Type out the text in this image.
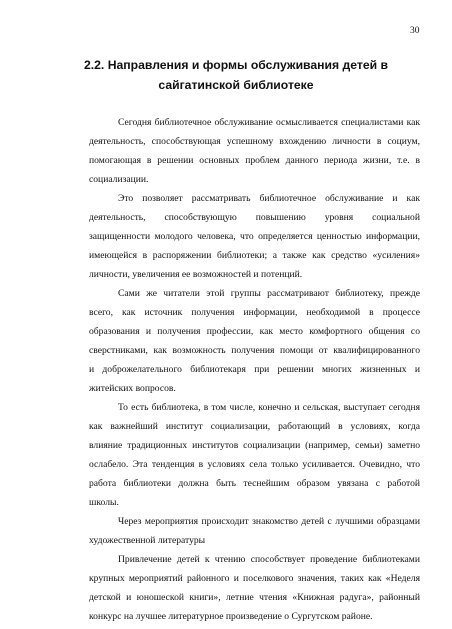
30
2.2. Направления и формы обслуживания детей в
сайгатинской библиотеке
Сегодня библиотечное обслуживание осмысливается специалистами как
деятельность, способствующая успешному вхождению личности в социум,
помогающая в решении основных проблем данного периода жизни, т.е. в
социализации.
Это позволяет рассматривать библиотечное обслуживание и как
деятельность, способствующую повышению уровня социальной
защищенности молодого человека, что определяется ценностью информации,
имеющейся в распоряжении библиотеки; а также как средство «усиления»
личности, увеличения ее возможностей и потенций.
Сами же читатели этой группы рассматривают библиотеку, прежде
всего, как источник получения информации, необходимой в процессе
образования и получения профессии, как место комфортного общения со
сверстниками, как возможность получения помощи от квалифицированного
и доброжелательного библиотекаря при решении многих жизненных и
житейских вопросов.
То есть библиотека, в том числе, конечно и сельская, выступает сегодня
как важнейший институт социализации, работающий в условиях, когда
влияние традиционных институтов социализации (например, семьи) заметно
ослабело. Эта тенденция в условиях села только усиливается. Очевидно, что
работа библиотеки должна быть теснейшим образом увязана с работой
школы.
Через мероприятия происходит знакомство детей с лучшими образцами
художественной литературы
Привлечение детей к чтению способствует проведение библиотеками
крупных мероприятий районного и поселкового значения, таких как «Неделя
детской и юношеской книги», летние чтения «Книжная радуга», районный
конкурс на лучшее литературное произведение о Сургутском районе.
